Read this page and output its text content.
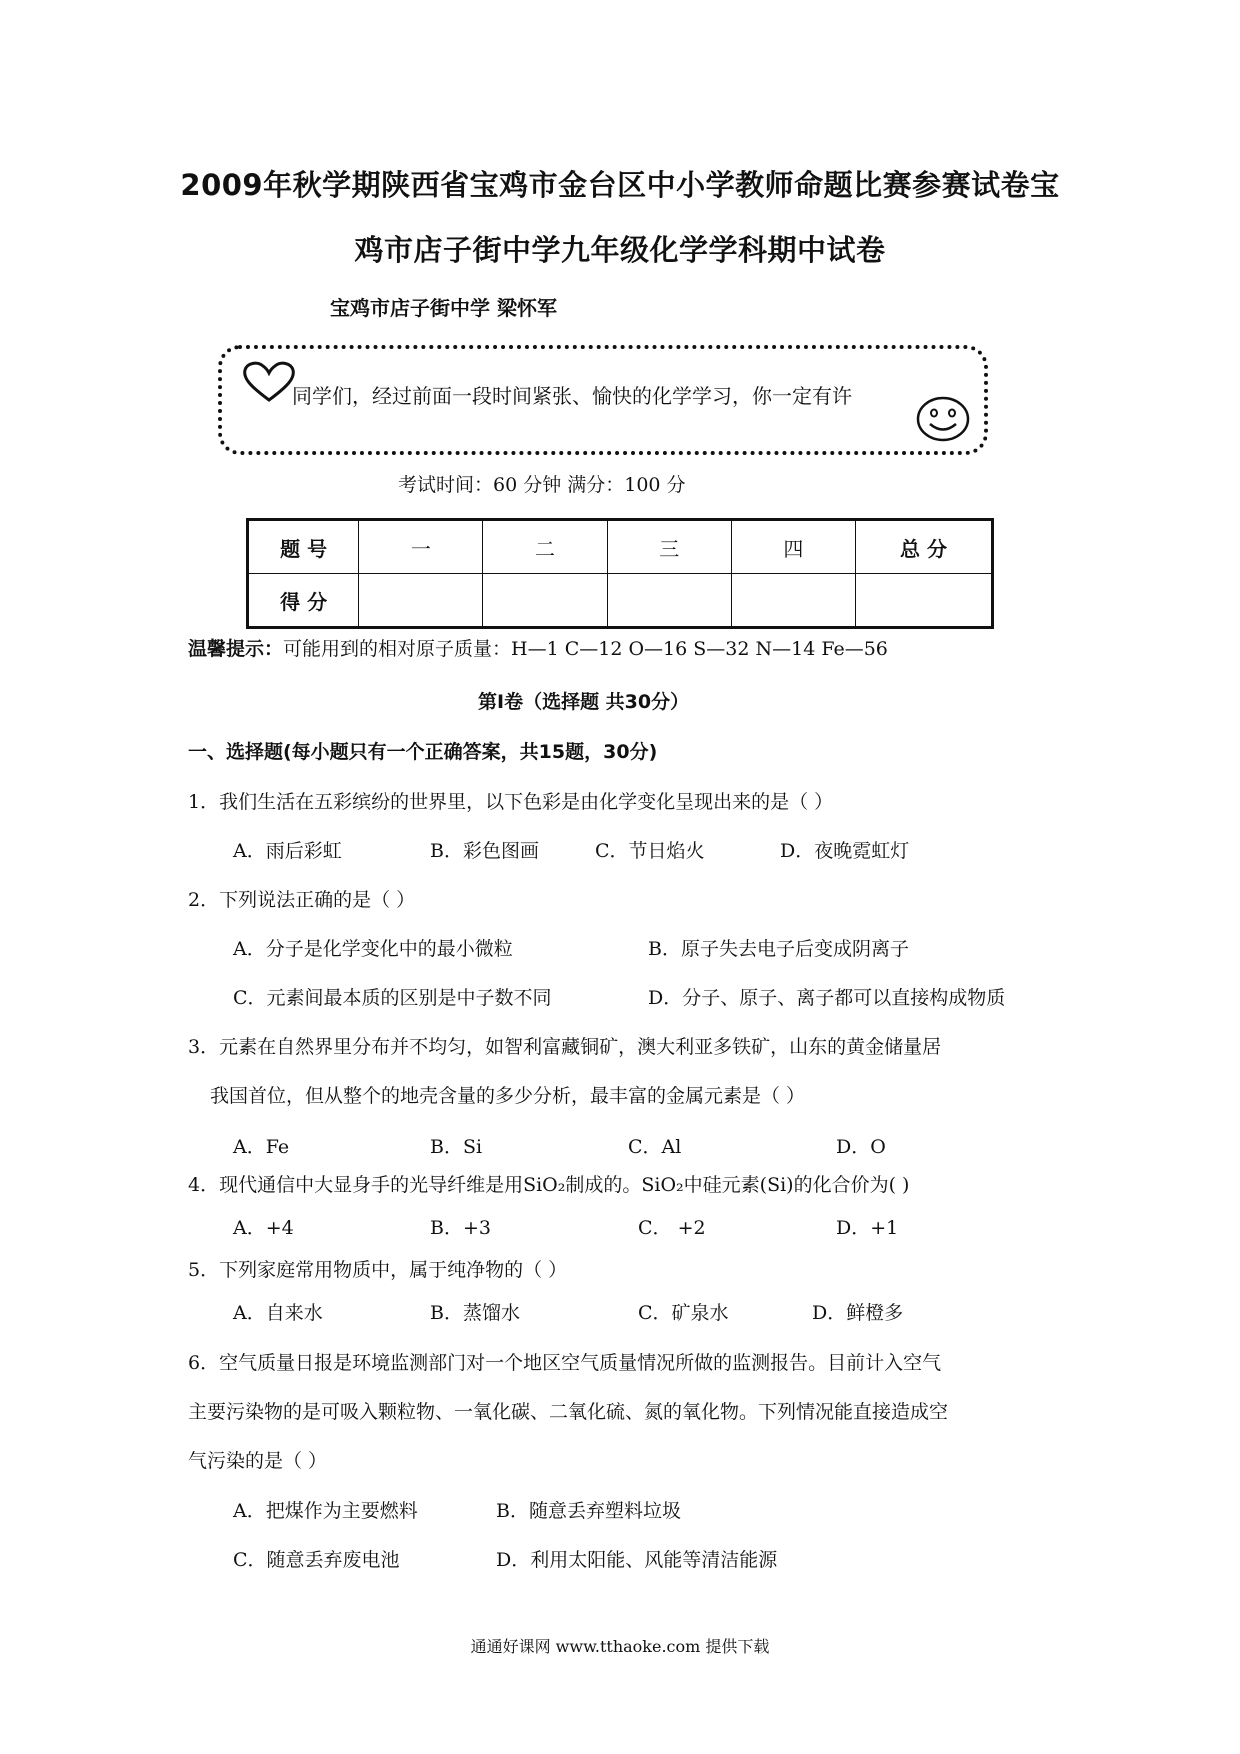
2009年秋学期陕西省宝鸡市金台区中小学教师命题比赛参赛试卷宝
鸡市店子街中学九年级化学学科期中试卷
宝鸡市店子街中学 梁怀军
同学们，经过前面一段时间紧张、愉快的化学学习，你一定有许
考试时间：60 分钟 满分：100 分
题 号	一	二	三	四	总 分
得 分					
温馨提示：可能用到的相对原子质量：H—1 C—12 O—16 S—32 N—14 Fe—56
第Ⅰ卷（选择题 共30分）
一、选择题(每小题只有一个正确答案，共15题，30分)
1．我们生活在五彩缤纷的世界里，以下色彩是由化学变化呈现出来的是（ ）
A．雨后彩虹	B．彩色图画	C．节日焰火	D．夜晚霓虹灯
2．下列说法正确的是（ ）
A．分子是化学变化中的最小微粒	B．原子失去电子后变成阴离子
C．元素间最本质的区别是中子数不同	D．分子、原子、离子都可以直接构成物质
3．元素在自然界里分布并不均匀，如智利富藏铜矿，澳大利亚多铁矿，山东的黄金储量居
我国首位，但从整个的地壳含量的多少分析，最丰富的金属元素是（ ）
A．Fe	B．Si	C．Al	D．O
4．现代通信中大显身手的光导纤维是用SiO₂制成的。SiO₂中硅元素(Si)的化合价为( )
A．+4	B．+3	C． +2	D．+1
5．下列家庭常用物质中，属于纯净物的（ ）
A．自来水	B．蒸馏水	C．矿泉水	D．鲜橙多
6．空气质量日报是环境监测部门对一个地区空气质量情况所做的监测报告。目前计入空气
主要污染物的是可吸入颗粒物、一氧化碳、二氧化硫、氮的氧化物。下列情况能直接造成空
气污染的是（ ）
A．把煤作为主要燃料	B．随意丢弃塑料垃圾
C．随意丢弃废电池	D．利用太阳能、风能等清洁能源
通通好课网 www.tthaoke.com 提供下载
